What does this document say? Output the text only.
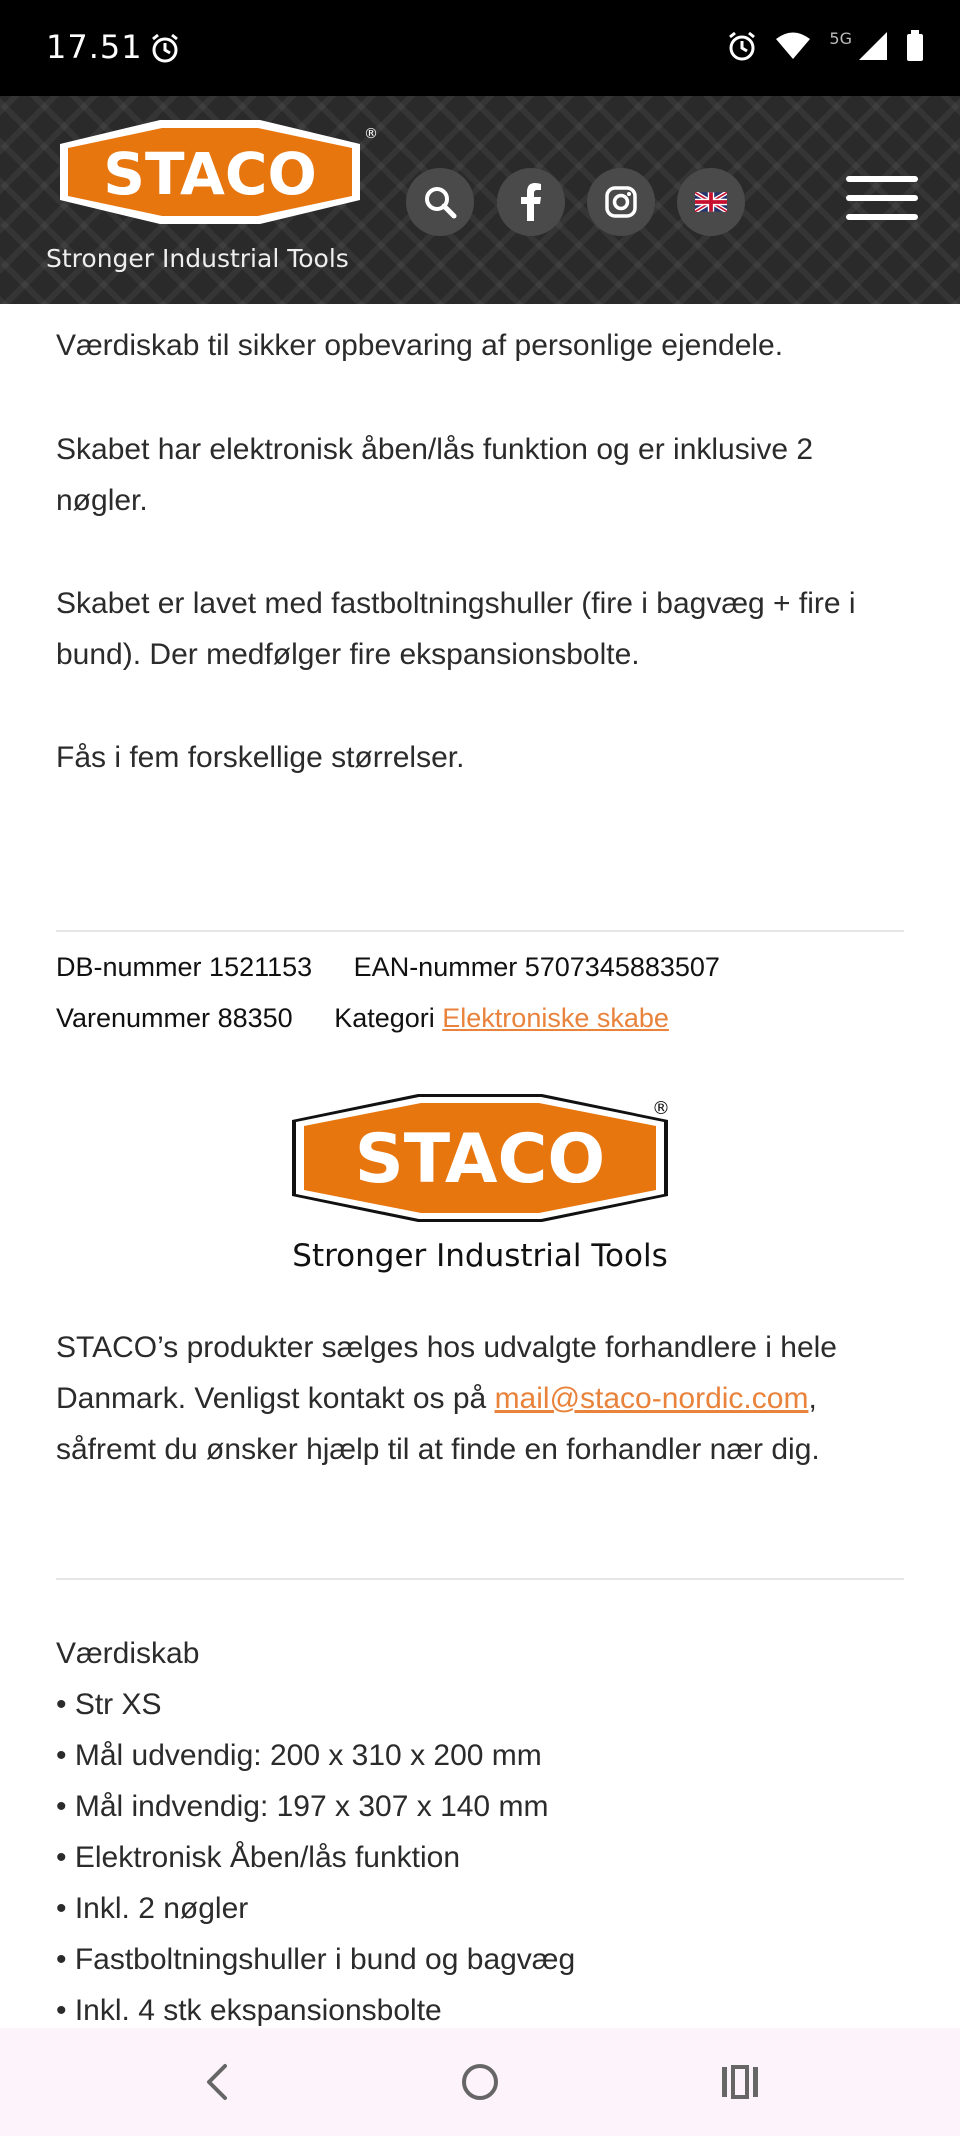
17.51	5G
STACO
®
Stronger Industrial Tools

Værdiskab til sikker opbevaring af personlige ejendele.

Skabet har elektronisk åben/lås funktion og er inklusive 2 nøgler.

Skabet er lavet med fastboltningshuller (fire i bagvæg + fire i bund). Der medfølger fire ekspansionsbolte.

Fås i fem forskellige størrelser.

DB-nummer 1521153 EAN-nummer 5707345883507
Varenummer 88350 Kategori Elektroniske skabe
STACO
®
Stronger Industrial Tools
STACO’s produkter sælges hos udvalgte forhandlere i hele Danmark. Venligst kontakt os på mail@staco-nordic.com, såfremt du ønsker hjælp til at finde en forhandler nær dig.
Værdiskab
• Str XS
• Mål udvendig: 200 x 310 x 200 mm
• Mål indvendig: 197 x 307 x 140 mm
• Elektronisk Åben/lås funktion
• Inkl. 2 nøgler
• Fastboltningshuller i bund og bagvæg
• Inkl. 4 stk ekspansionsbolte
